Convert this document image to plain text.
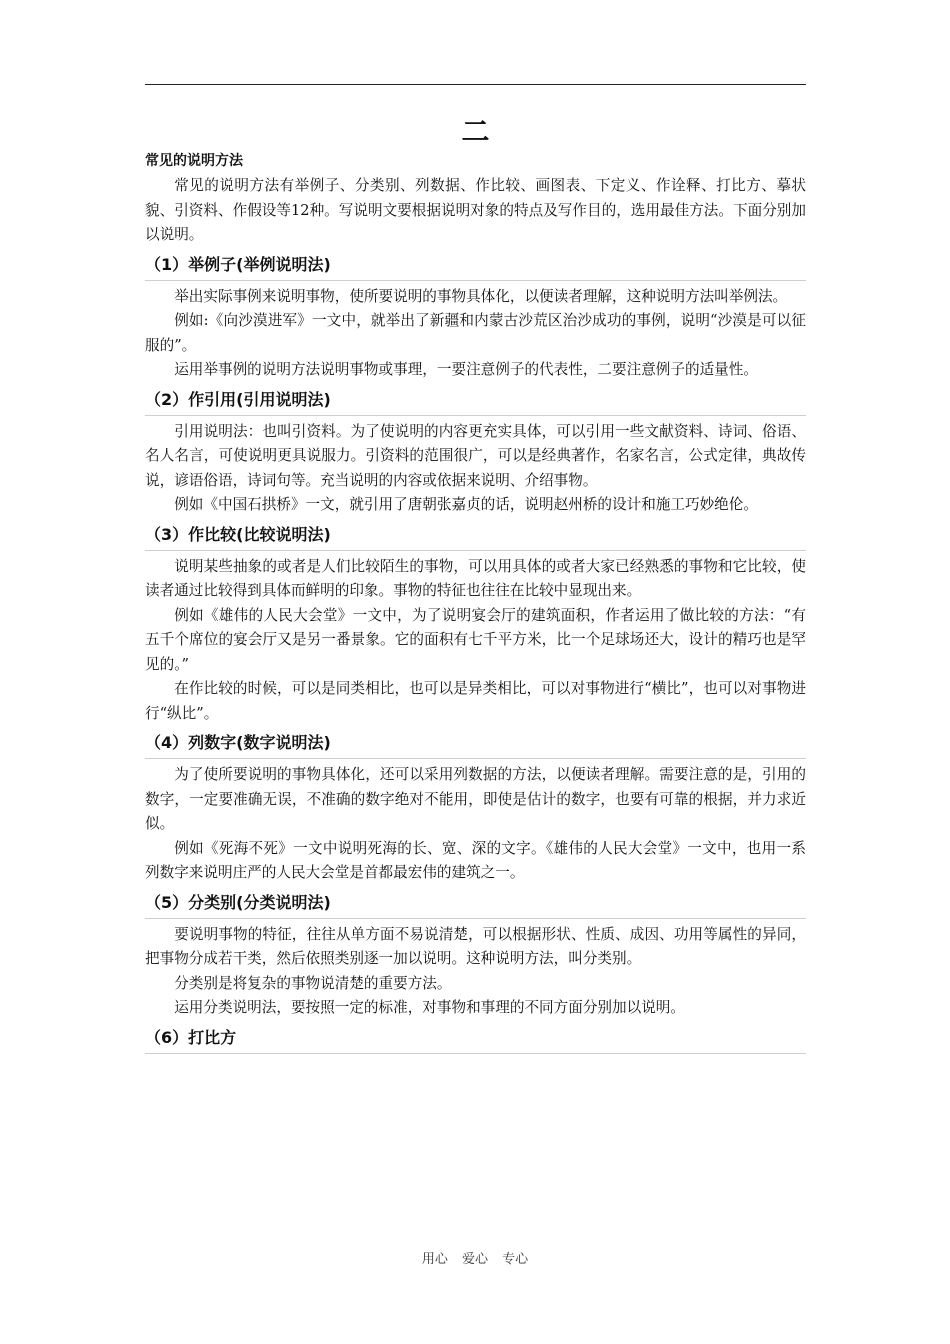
二
常见的说明方法

常见的说明方法有举例子、分类别、列数据、作比较、画图表、下定义、作诠释、打比方、摹状貌、引资料、作假设等12种。写说明文要根据说明对象的特点及写作目的，选用最佳方法。下面分别加以说明。

（1）举例子(举例说明法)

举出实际事例来说明事物，使所要说明的事物具体化，以便读者理解，这种说明方法叫举例法。

例如:《向沙漠进军》一文中，就举出了新疆和内蒙古沙荒区治沙成功的事例，说明“沙漠是可以征服的”。

运用举事例的说明方法说明事物或事理，一要注意例子的代表性，二要注意例子的适量性。

（2）作引用(引用说明法)

引用说明法：也叫引资料。为了使说明的内容更充实具体，可以引用一些文献资料、诗词、俗语、名人名言，可使说明更具说服力。引资料的范围很广，可以是经典著作，名家名言，公式定律，典故传说，谚语俗语，诗词句等。充当说明的内容或依据来说明、介绍事物。

例如《中国石拱桥》一文，就引用了唐朝张嘉贞的话，说明赵州桥的设计和施工巧妙绝伦。

（3）作比较(比较说明法)

说明某些抽象的或者是人们比较陌生的事物，可以用具体的或者大家已经熟悉的事物和它比较，使读者通过比较得到具体而鲜明的印象。事物的特征也往往在比较中显现出来。

例如《雄伟的人民大会堂》一文中，为了说明宴会厅的建筑面积，作者运用了做比较的方法：“有五千个席位的宴会厅又是另一番景象。它的面积有七千平方米，比一个足球场还大，设计的精巧也是罕见的。”

在作比较的时候，可以是同类相比，也可以是异类相比，可以对事物进行“横比”，也可以对事物进行“纵比”。

（4）列数字(数字说明法)

为了使所要说明的事物具体化，还可以采用列数据的方法，以便读者理解。需要注意的是，引用的数字，一定要准确无误，不准确的数字绝对不能用，即使是估计的数字，也要有可靠的根据，并力求近似。

例如《死海不死》一文中说明死海的长、宽、深的文字。《雄伟的人民大会堂》一文中，也用一系列数字来说明庄严的人民大会堂是首都最宏伟的建筑之一。

（5）分类别(分类说明法)

要说明事物的特征，往往从单方面不易说清楚，可以根据形状、性质、成因、功用等属性的异同，把事物分成若干类，然后依照类别逐一加以说明。这种说明方法，叫分类别。

分类别是将复杂的事物说清楚的重要方法。

运用分类说明法，要按照一定的标准，对事物和事理的不同方面分别加以说明。

（6）打比方
用心 爱心 专心
